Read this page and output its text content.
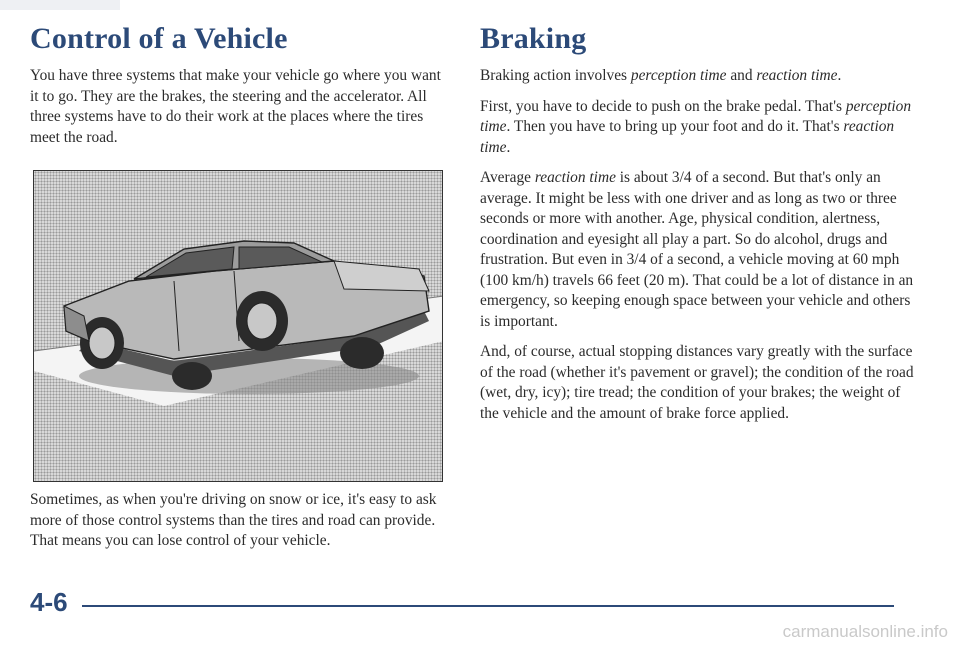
Control of a Vehicle

You have three systems that make your vehicle go where you want it to go. They are the brakes, the steering and the accelerator. All three systems have to do their work at the places where the tires meet the road.

Sometimes, as when you're driving on snow or ice, it's easy to ask more of those control systems than the tires and road can provide. That means you can lose control of your vehicle.

Braking

Braking action involves perception time and reaction time.

First, you have to decide to push on the brake pedal. That's perception time. Then you have to bring up your foot and do it. That's reaction time.

Average reaction time is about 3/4 of a second. But that's only an average. It might be less with one driver and as long as two or three seconds or more with another. Age, physical condition, alertness, coordination and eyesight all play a part. So do alcohol, drugs and frustration. But even in 3/4 of a second, a vehicle moving at 60 mph (100 km/h) travels 66 feet (20 m). That could be a lot of distance in an emergency, so keeping enough space between your vehicle and others is important.

And, of course, actual stopping distances vary greatly with the surface of the road (whether it's pavement or gravel); the condition of the road (wet, dry, icy); tire tread; the condition of your brakes; the weight of the vehicle and the amount of brake force applied.

4-6
carmanualsonline.info
